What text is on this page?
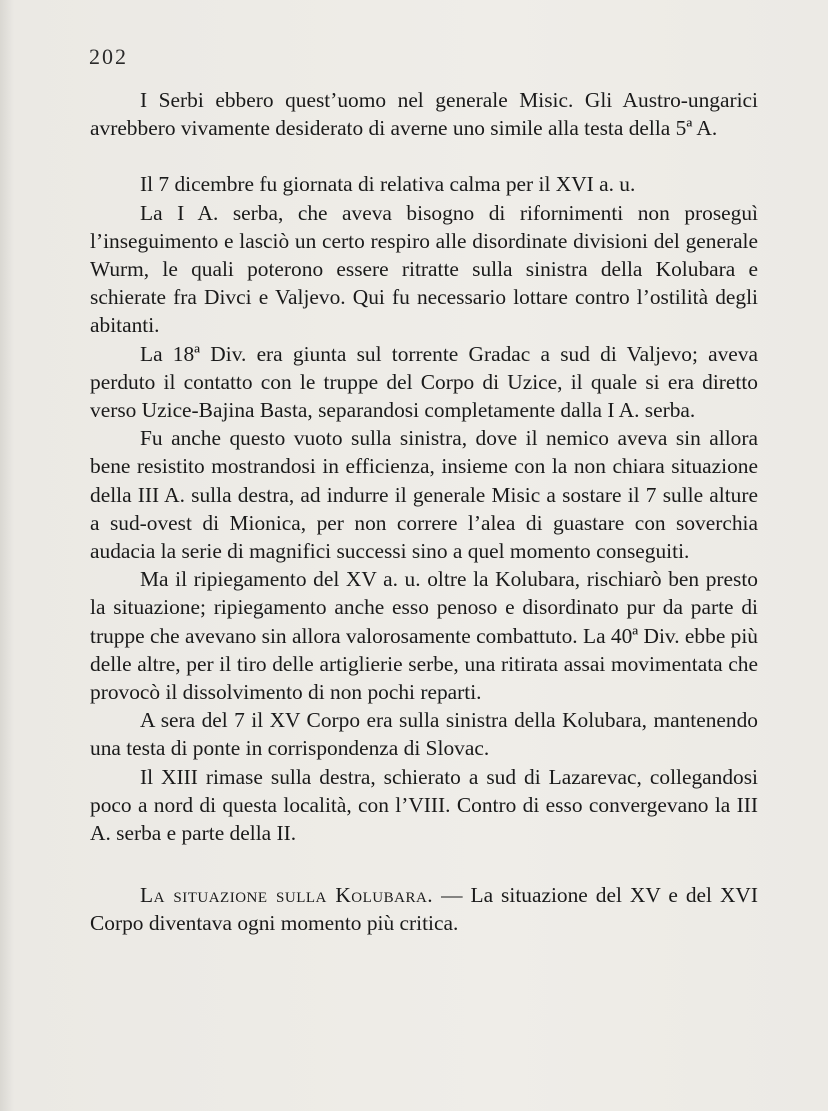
202

I Serbi ebbero quest’uomo nel generale Misic. Gli Austro-ungarici avrebbero vivamente desiderato di averne uno simile alla testa della 5ª A.

Il 7 dicembre fu giornata di relativa calma per il XVI a. u.

La I A. serba, che aveva bisogno di rifornimenti non proseguì l’inseguimento e lasciò un certo respiro alle disordinate divisioni del generale Wurm, le quali poterono essere ritratte sulla sinistra della Kolubara e schierate fra Divci e Valjevo. Qui fu necessario lottare contro l’ostilità degli abitanti.

La 18ª Div. era giunta sul torrente Gradac a sud di Valjevo; aveva perduto il contatto con le truppe del Corpo di Uzice, il quale si era diretto verso Uzice-Bajina Basta, separandosi completamente dalla I A. serba.

Fu anche questo vuoto sulla sinistra, dove il nemico aveva sin allora bene resistito mostrandosi in efficienza, insieme con la non chiara situazione della III A. sulla destra, ad indurre il generale Misic a sostare il 7 sulle alture a sud-ovest di Mionica, per non correre l’alea di guastare con soverchia audacia la serie di magnifici successi sino a quel momento conseguiti.

Ma il ripiegamento del XV a. u. oltre la Kolubara, rischiarò ben presto la situazione; ripiegamento anche esso penoso e disordinato pur da parte di truppe che avevano sin allora valorosamente combattuto. La 40ª Div. ebbe più delle altre, per il tiro delle artiglierie serbe, una ritirata assai movimentata che provocò il dissolvimento di non pochi reparti.

A sera del 7 il XV Corpo era sulla sinistra della Kolubara, mantenendo una testa di ponte in corrispondenza di Slovac.

Il XIII rimase sulla destra, schierato a sud di Lazarevac, collegandosi poco a nord di questa località, con l’VIII. Contro di esso convergevano la III A. serba e parte della II.

La situazione sulla Kolubara. — La situazione del XV e del XVI Corpo diventava ogni momento più critica.
